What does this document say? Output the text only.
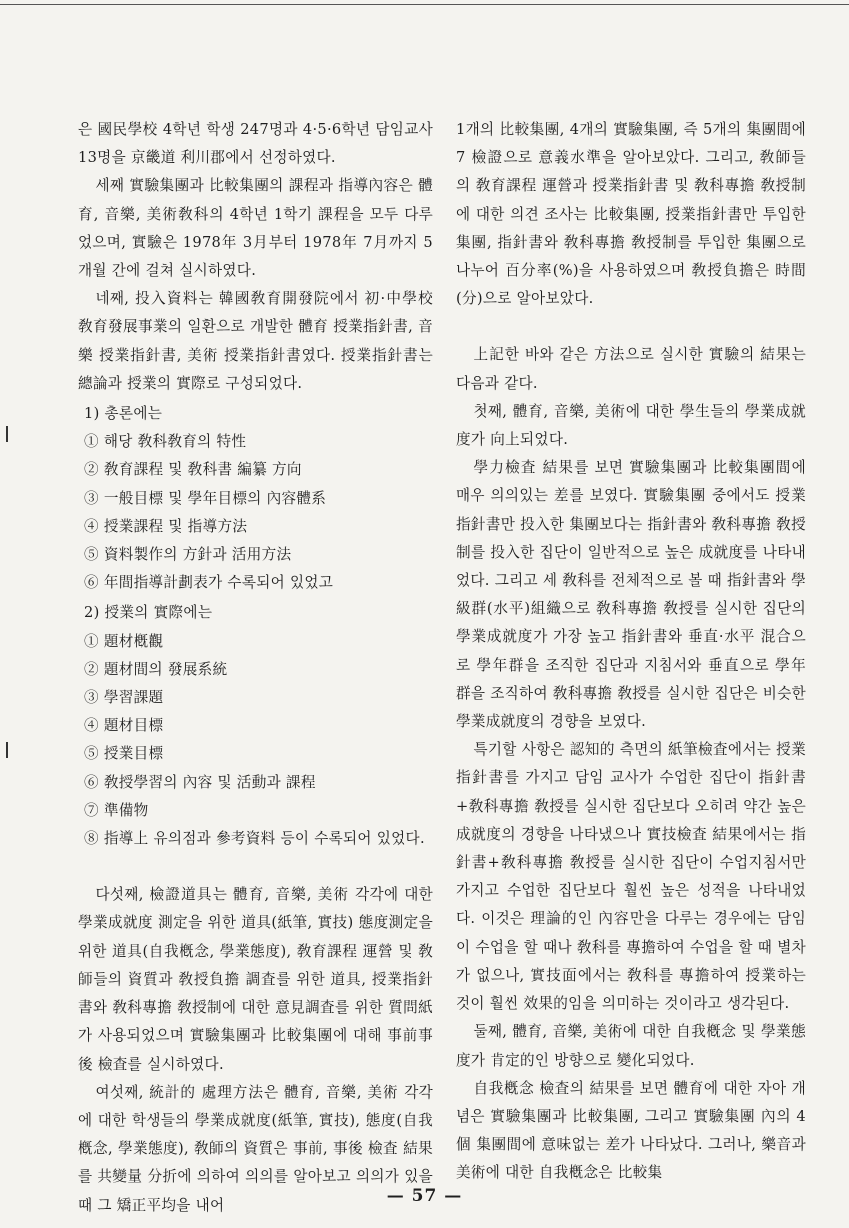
은 國民學校 4학년 학생 247명과 4·5·6학년 담임교사 13명을 京畿道 利川郡에서 선정하였다.

세째 實驗集團과 比較集團의 課程과 指導內容은 體育, 音樂, 美術敎科의 4학년 1학기 課程을 모두 다루었으며, 實驗은 1978年 3月부터 1978年 7月까지 5개월 간에 걸쳐 실시하였다.

네째, 投入資料는 韓國敎育開發院에서 初·中學校 敎育發展事業의 일환으로 개발한 體育 授業指針書, 音樂 授業指針書, 美術 授業指針書였다. 授業指針書는 總論과 授業의 實際로 구성되었다.

1) 총론에는
① 해당 敎科敎育의 特性
② 敎育課程 및 敎科書 編纂 方向
③ 一般目標 및 學年目標의 內容體系
④ 授業課程 및 指導方法
⑤ 資料製作의 方針과 活用方法
⑥ 年間指導計劃表가 수록되어 있었고
2) 授業의 實際에는
① 題材槪觀
② 題材間의 發展系統
③ 學習課題
④ 題材目標
⑤ 授業目標
⑥ 敎授學習의 內容 및 活動과 課程
⑦ 準備物
⑧ 指導上 유의점과 參考資料 등이 수록되어 있었다.

다섯째, 檢證道具는 體育, 音樂, 美術 각각에 대한 學業成就度 測定을 위한 道具(紙筆, 實技) 態度測定을 위한 道具(自我槪念, 學業態度), 敎育課程 運營 및 敎師들의 資質과 敎授負擔 調査를 위한 道具, 授業指針書와 敎科專擔 敎授制에 대한 意見調査를 위한 質問紙가 사용되었으며 實驗集團과 比較集團에 대해 事前事後 檢査를 실시하였다.

여섯째, 統計的 處理方法은 體育, 音樂, 美術 각각에 대한 학생들의 學業成就度(紙筆, 實技), 態度(自我槪念, 學業態度), 敎師의 資質은 事前, 事後 檢査 結果를 共變量 分折에 의하여 의의를 알아보고 의의가 있을 때 그 矯正平均을 내어

1개의 比較集團, 4개의 實驗集團, 즉 5개의 集團間에 7 檢證으로 意義水準을 알아보았다. 그리고, 敎師들의 敎育課程 運營과 授業指針書 및 敎科專擔 敎授制에 대한 의견 조사는 比較集團, 授業指針書만 투입한 集團, 指針書와 敎科專擔 敎授制를 투입한 集團으로 나누어 百分率(%)을 사용하였으며 敎授負擔은 時間(分)으로 알아보았다.

上記한 바와 같은 方法으로 실시한 實驗의 結果는 다음과 같다.

첫째, 體育, 音樂, 美術에 대한 學生들의 學業成就度가 向上되었다.

學力檢査 結果를 보면 實驗集團과 比較集團間에 매우 의의있는 差를 보였다. 實驗集團 중에서도 授業指針書만 投入한 集團보다는 指針書와 敎科專擔 敎授制를 投入한 집단이 일반적으로 높은 成就度를 나타내었다. 그리고 세 敎科를 전체적으로 볼 때 指針書와 學級群(水平)組織으로 敎科專擔 敎授를 실시한 집단의 學業成就度가 가장 높고 指針書와 垂直·水平 混合으로 學年群을 조직한 집단과 지침서와 垂直으로 學年群을 조직하여 敎科專擔 敎授를 실시한 집단은 비슷한 學業成就度의 경향을 보였다.

특기할 사항은 認知的 측면의 紙筆檢査에서는 授業指針書를 가지고 담임 교사가 수업한 집단이 指針書+敎科專擔 敎授를 실시한 집단보다 오히려 약간 높은 成就度의 경향을 나타냈으나 實技檢査 結果에서는 指針書+敎科專擔 敎授를 실시한 집단이 수업지침서만 가지고 수업한 집단보다 훨씬 높은 성적을 나타내었다. 이것은 理論的인 內容만을 다루는 경우에는 담임이 수업을 할 때나 敎科를 專擔하여 수업을 할 때 별차가 없으나, 實技面에서는 敎科를 專擔하여 授業하는 것이 훨씬 效果的임을 의미하는 것이라고 생각된다.

둘째, 體育, 音樂, 美術에 대한 自我槪念 및 學業態度가 肯定的인 방향으로 變化되었다.

自我槪念 檢査의 結果를 보면 體育에 대한 자아 개념은 實驗集團과 比較集團, 그리고 實驗集團 內의 4個 集團間에 意味없는 差가 나타났다. 그러나, 樂音과 美術에 대한 自我槪念은 比較集

— 57 —
